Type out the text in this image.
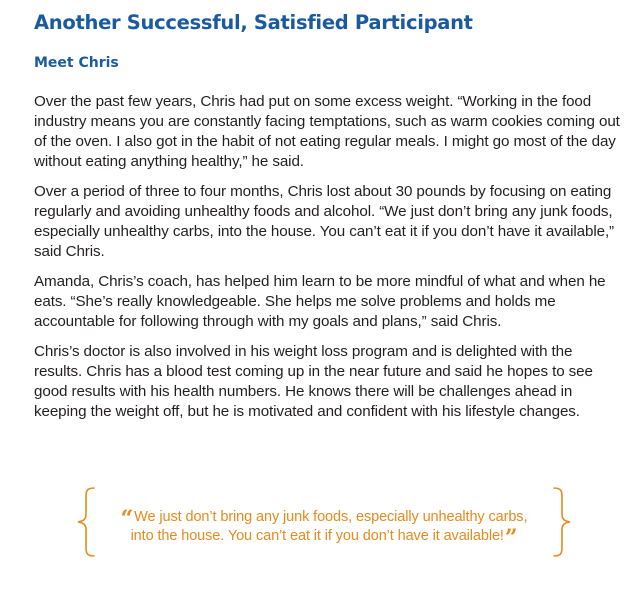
Another Successful, Satisfied Participant
Meet Chris

Over the past few years, Chris had put on some excess weight. “Working in the food industry means you are constantly facing temptations, such as warm cookies coming out of the oven. I also got in the habit of not eating regular meals. I might go most of the day without eating anything healthy,” he said.

Over a period of three to four months, Chris lost about 30 pounds by focusing on eating regularly and avoiding unhealthy foods and alcohol. “We just don’t bring any junk foods, especially unhealthy carbs, into the house. You can’t eat it if you don’t have it available,” said Chris.

Amanda, Chris’s coach, has helped him learn to be more mindful of what and when he eats. “She’s really knowledgeable. She helps me solve problems and holds me accountable for following through with my goals and plans,” said Chris.

Chris’s doctor is also involved in his weight loss program and is delighted with the results. Chris has a blood test coming up in the near future and said he hopes to see good results with his health numbers. He knows there will be challenges ahead in keeping the weight off, but he is motivated and confident with his lifestyle changes.

“We just don’t bring any junk foods, especially unhealthy carbs,
into the house. You can’t eat it if you don’t have it available!”
